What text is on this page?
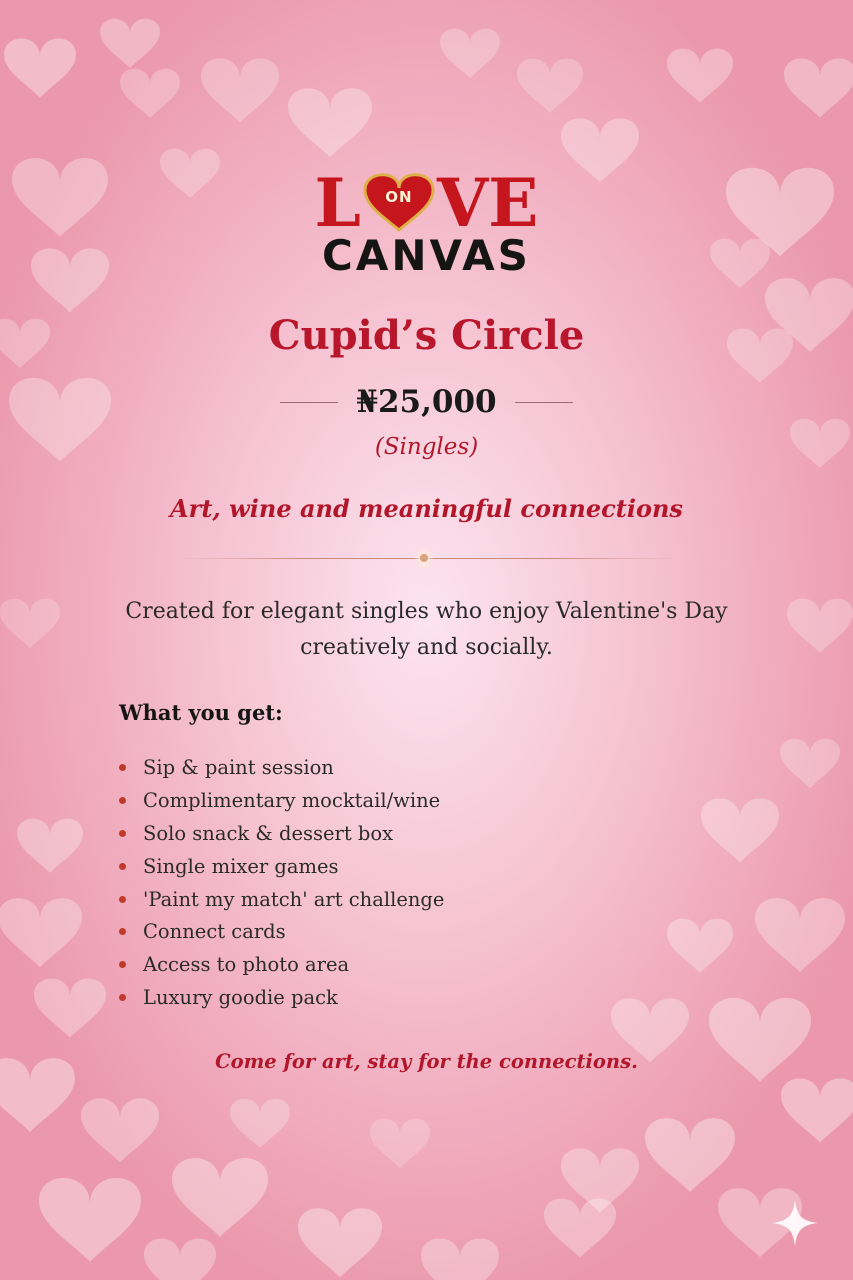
L	ON VE
CANVAS
Cupid’s Circle
₦25,000
(Singles)
Art, wine and meaningful connections
Created for elegant singles who enjoy Valentine's Day creatively and socially.
What you get:
Sip & paint session
Complimentary mocktail/wine
Solo snack & dessert box
Single mixer games
'Paint my match' art challenge
Connect cards
Access to photo area
Luxury goodie pack
Come for art, stay for the connections.
